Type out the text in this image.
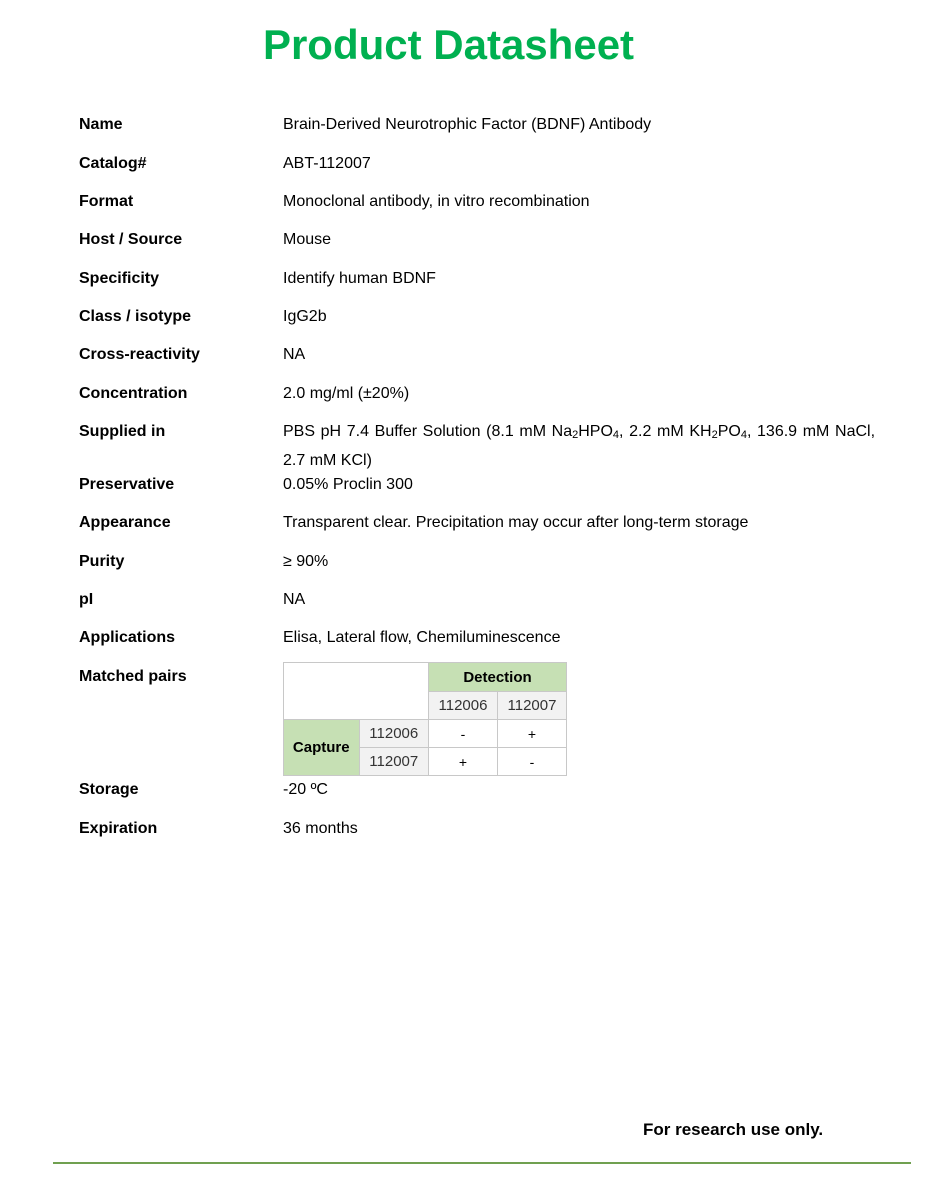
Product Datasheet
Name	Brain-Derived Neurotrophic Factor (BDNF) Antibody
Catalog#	ABT-112007
Format	Monoclonal antibody, in vitro recombination
Host / Source	Mouse
Specificity	Identify human BDNF
Class / isotype	IgG2b
Cross-reactivity	NA
Concentration	2.0 mg/ml (±20%)
Supplied in	PBS pH 7.4 Buffer Solution (8.1 mM $Na_2HPO_4$, 2.2 mM $KH_2PO_4$, 136.9 mM NaCl, 2.7 mM KCl)
Preservative	0.05% Proclin 300
Appearance	Transparent clear. Precipitation may occur after long-term storage
Purity	≥ 90%
pI	NA
Applications	Elisa, Lateral flow, Chemiluminescence
Matched pairs
		Detection	
		112006	112007
Capture	112006	-	+
	112007	+	-
Storage	-20 ºC
Expiration	36 months
For research use only.
